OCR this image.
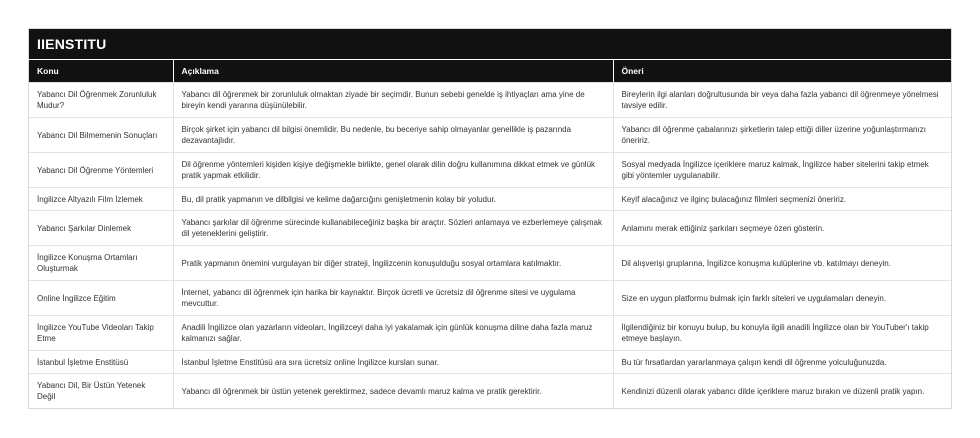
IIENSTITU
Konu	Açıklama	Öneri
Yabancı Dil Öğrenmek Zorunluluk Mudur?	Yabancı dil öğrenmek bir zorunluluk olmaktan ziyade bir seçimdir. Bunun sebebi genelde iş ihtiyaçları ama yine de bireyin kendi yararına düşünülebilir.	Bireylerin ilgi alanları doğrultusunda bir veya daha fazla yabancı dil öğrenmeye yönelmesi tavsiye edilir.
Yabancı Dil Bilmemenin Sonuçları	Birçok şirket için yabancı dil bilgisi önemlidir. Bu nedenle, bu beceriye sahip olmayanlar genellikle iş pazarında dezavantajlıdır.	Yabancı dil öğrenme çabalarınızı şirketlerin talep ettiği diller üzerine yoğunlaştırmanızı öneririz.
Yabancı Dil Öğrenme Yöntemleri	Dil öğrenme yöntemleri kişiden kişiye değişmekle birlikte, genel olarak dilin doğru kullanımına dikkat etmek ve günlük pratik yapmak etkilidir.	Sosyal medyada İngilizce içeriklere maruz kalmak, İngilizce haber sitelerini takip etmek gibi yöntemler uygulanabilir.
İngilizce Altyazılı Film İzlemek	Bu, dil pratik yapmanın ve dilbilgisi ve kelime dağarcığını genişletmenin kolay bir yoludur.	Keyif alacağınız ve ilginç bulacağınız filmleri seçmenizi öneririz.
Yabancı Şarkılar Dinlemek	Yabancı şarkılar dil öğrenme sürecinde kullanabileceğiniz başka bir araçtır. Sözleri anlamaya ve ezberlemeye çalışmak dil yeteneklerini geliştirir.	Anlamını merak ettiğiniz şarkıları seçmeye özen gösterin.
İngilizce Konuşma Ortamları Oluşturmak	Pratik yapmanın önemini vurgulayan bir diğer strateji, İngilizcenin konuşulduğu sosyal ortamlara katılmaktır.	Dil alışverişi gruplarına, İngilizce konuşma kulüplerine vb. katılmayı deneyin.
Online İngilizce Eğitim	İnternet, yabancı dil öğrenmek için harika bir kaynaktır. Birçok ücretli ve ücretsiz dil öğrenme sitesi ve uygulama mevcuttur.	Size en uygun platformu bulmak için farklı siteleri ve uygulamaları deneyin.
İngilizce YouTube Videoları Takip Etme	Anadili İngilizce olan yazarların videoları, İngilizceyi daha iyi yakalamak için günlük konuşma diline daha fazla maruz kalmanızı sağlar.	İlgilendiğiniz bir konuyu bulup, bu konuyla ilgili anadili İngilizce olan bir YouTuber'ı takip etmeye başlayın.
İstanbul İşletme Enstitüsü	İstanbul İşletme Enstitüsü ara sıra ücretsiz online İngilizce kursları sunar.	Bu tür fırsatlardan yararlanmaya çalışın kendi dil öğrenme yolculuğunuzda.
Yabancı Dil, Bir Üstün Yetenek Değil	Yabancı dil öğrenmek bir üstün yetenek gerektirmez, sadece devamlı maruz kalma ve pratik gerektirir.	Kendinizi düzenli olarak yabancı dilde içeriklere maruz bırakın ve düzenli pratik yapın.
